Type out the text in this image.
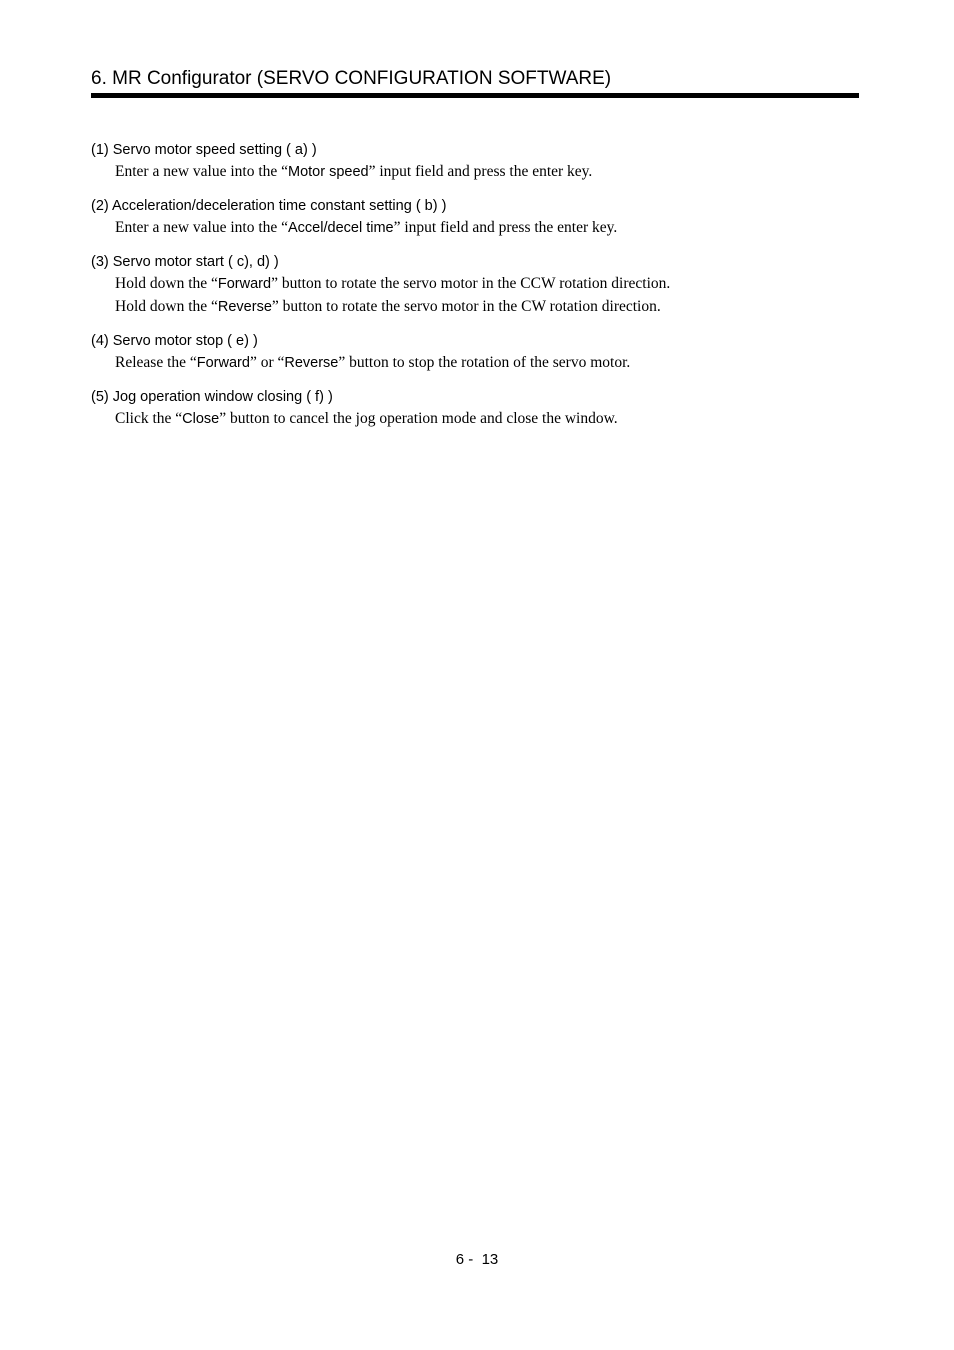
6. MR Configurator (SERVO CONFIGURATION SOFTWARE)
(1) Servo motor speed setting ( a) )
Enter a new value into the “Motor speed” input field and press the enter key.
(2) Acceleration/deceleration time constant setting ( b) )
Enter a new value into the “Accel/decel time” input field and press the enter key.
(3) Servo motor start ( c), d) )
Hold down the “Forward” button to rotate the servo motor in the CCW rotation direction.
Hold down the “Reverse” button to rotate the servo motor in the CW rotation direction.
(4) Servo motor stop ( e) )
Release the “Forward” or “Reverse” button to stop the rotation of the servo motor.
(5) Jog operation window closing ( f) )
Click the “Close” button to cancel the jog operation mode and close the window.
6 -  13
